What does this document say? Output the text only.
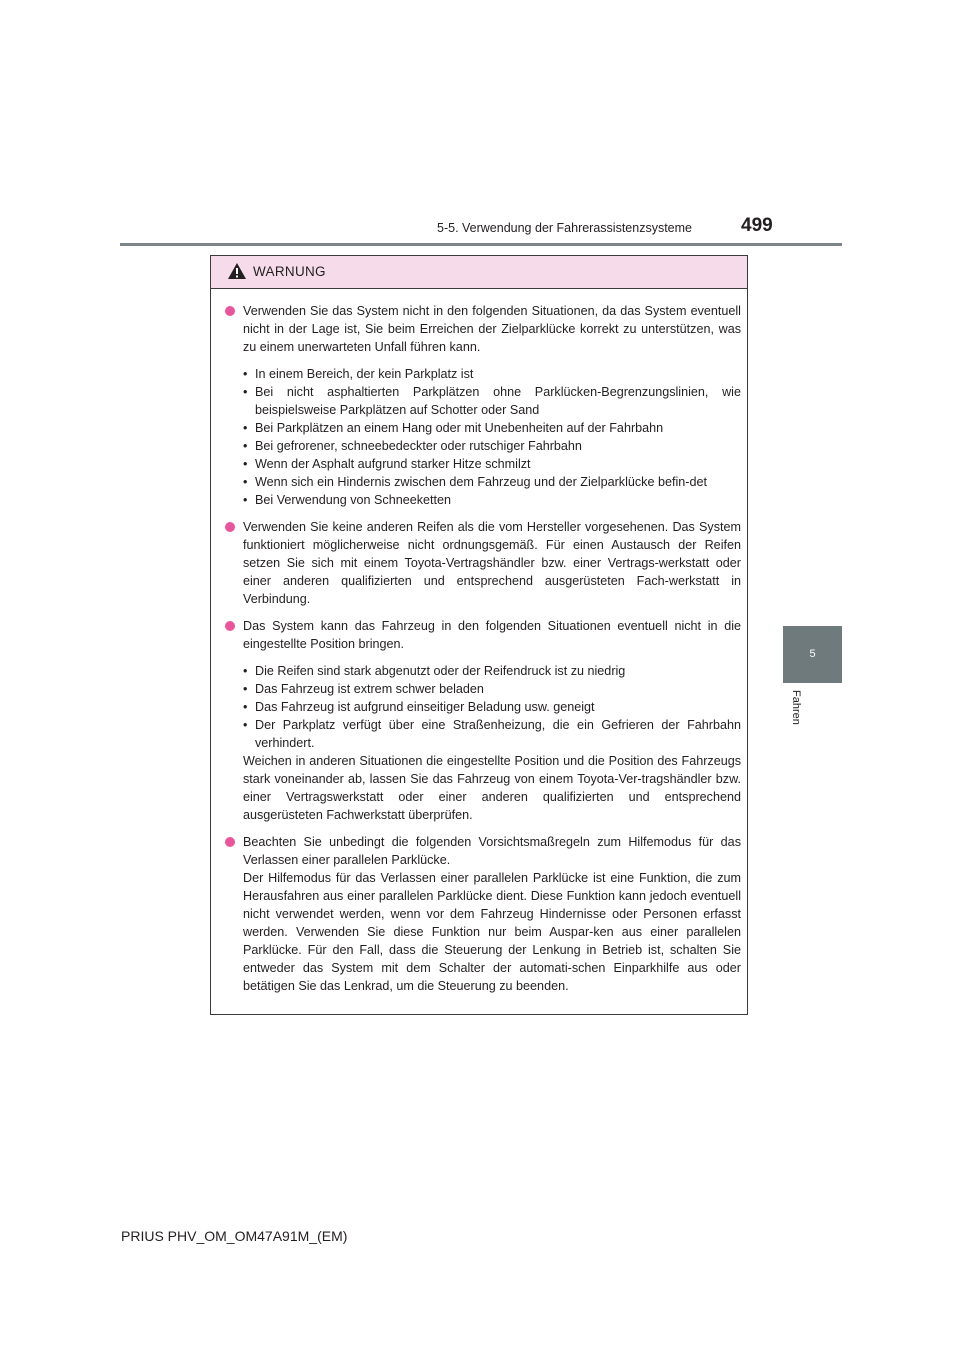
5-5. Verwendung der Fahrerassistenzsysteme	499
5
Fahren
WARNUNG

Verwenden Sie das System nicht in den folgenden Situationen, da das System eventuell nicht in der Lage ist, Sie beim Erreichen der Zielparklücke korrekt zu unterstützen, was zu einem unerwarteten Unfall führen kann.

• In einem Bereich, der kein Parkplatz ist
• Bei nicht asphaltierten Parkplätzen ohne Parklücken-Begrenzungslinien, wie beispielsweise Parkplätzen auf Schotter oder Sand
• Bei Parkplätzen an einem Hang oder mit Unebenheiten auf der Fahrbahn
• Bei gefrorener, schneebedeckter oder rutschiger Fahrbahn
• Wenn der Asphalt aufgrund starker Hitze schmilzt
• Wenn sich ein Hindernis zwischen dem Fahrzeug und der Zielparklücke befin-det
• Bei Verwendung von Schneeketten

Verwenden Sie keine anderen Reifen als die vom Hersteller vorgesehenen. Das System funktioniert möglicherweise nicht ordnungsgemäß. Für einen Austausch der Reifen setzen Sie sich mit einem Toyota-Vertragshändler bzw. einer Vertrags-werkstatt oder einer anderen qualifizierten und entsprechend ausgerüsteten Fach-werkstatt in Verbindung.

Das System kann das Fahrzeug in den folgenden Situationen eventuell nicht in die eingestellte Position bringen.

• Die Reifen sind stark abgenutzt oder der Reifendruck ist zu niedrig
• Das Fahrzeug ist extrem schwer beladen
• Das Fahrzeug ist aufgrund einseitiger Beladung usw. geneigt
• Der Parkplatz verfügt über eine Straßenheizung, die ein Gefrieren der Fahrbahn verhindert.

Weichen in anderen Situationen die eingestellte Position und die Position des Fahrzeugs stark voneinander ab, lassen Sie das Fahrzeug von einem Toyota-Ver-tragshändler bzw. einer Vertragswerkstatt oder einer anderen qualifizierten und entsprechend ausgerüsteten Fachwerkstatt überprüfen.

Beachten Sie unbedingt die folgenden Vorsichtsmaßregeln zum Hilfemodus für das Verlassen einer parallelen Parklücke.

Der Hilfemodus für das Verlassen einer parallelen Parklücke ist eine Funktion, die zum Herausfahren aus einer parallelen Parklücke dient. Diese Funktion kann jedoch eventuell nicht verwendet werden, wenn vor dem Fahrzeug Hindernisse oder Personen erfasst werden. Verwenden Sie diese Funktion nur beim Auspar-ken aus einer parallelen Parklücke. Für den Fall, dass die Steuerung der Lenkung in Betrieb ist, schalten Sie entweder das System mit dem Schalter der automati-schen Einparkhilfe aus oder betätigen Sie das Lenkrad, um die Steuerung zu beenden.

PRIUS PHV_OM_OM47A91M_(EM)
